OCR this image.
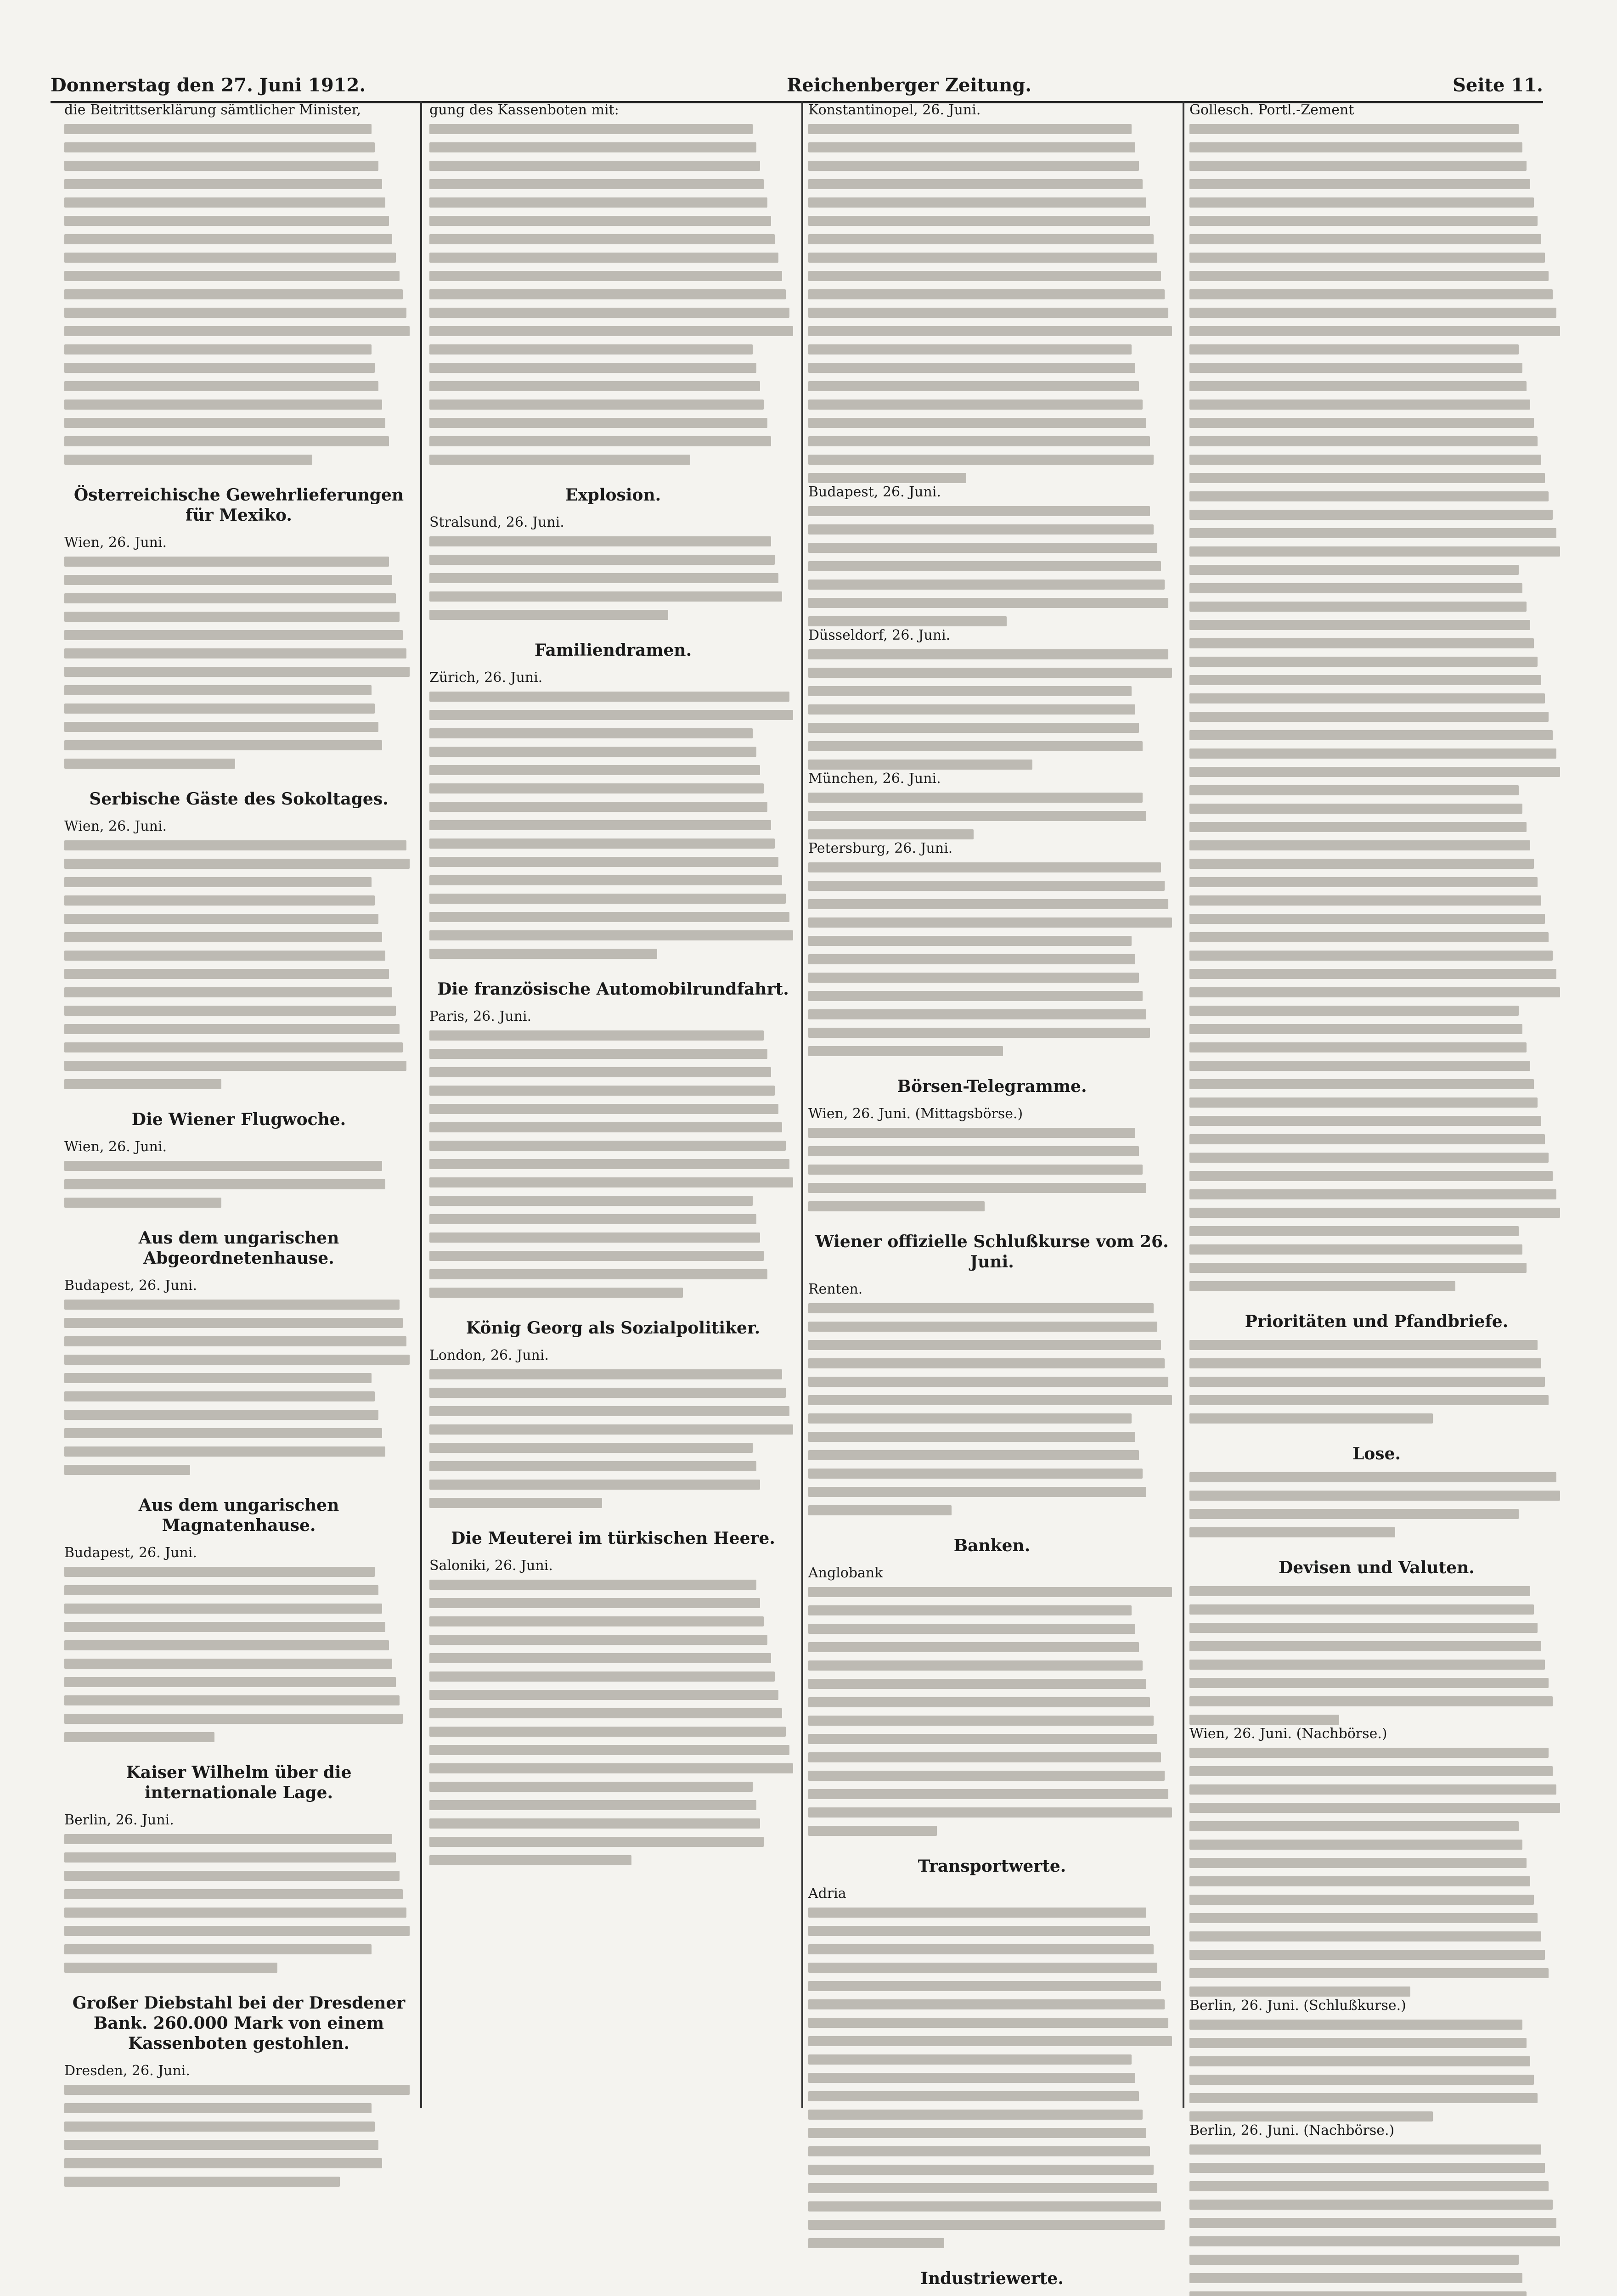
Donnerstag den 27. Juni 1912.	Reichenberger Zeitung.	Seite 11.
die Beitrittserklärung sämtlicher Minister,
Österreichische Gewehrlieferungen für Mexiko.
Wien, 26. Juni.
Serbische Gäste des Sokoltages.
Wien, 26. Juni.
Die Wiener Flugwoche.
Wien, 26. Juni.
Aus dem ungarischen Abgeordnetenhause.
Budapest, 26. Juni.
Aus dem ungarischen Magnatenhause.
Budapest, 26. Juni.
Kaiser Wilhelm über die internationale Lage.
Berlin, 26. Juni.
Großer Diebstahl bei der Dresdener Bank. 260.000 Mark von einem Kassenboten gestohlen.
Dresden, 26. Juni.
gung des Kassenboten mit:
Explosion.
Stralsund, 26. Juni.
Familiendramen.
Zürich, 26. Juni.
Die französische Automobilrundfahrt.
Paris, 26. Juni.
König Georg als Sozialpolitiker.
London, 26. Juni.
Die Meuterei im türkischen Heere.
Saloniki, 26. Juni.
Konstantinopel, 26. Juni.
Budapest, 26. Juni.
Düsseldorf, 26. Juni.
München, 26. Juni.
Petersburg, 26. Juni.
Börsen-Telegramme.
Wien, 26. Juni. (Mittagsbörse.)
Wiener offizielle Schlußkurse vom 26. Juni.
Renten.
Banken.
Anglobank
Transportwerte.
Adria
Industriewerte.
Gollesch. Portl.-Zement
Prioritäten und Pfandbriefe.
Lose.
Devisen und Valuten.
Wien, 26. Juni. (Nachbörse.)
Berlin, 26. Juni. (Schlußkurse.)
Berlin, 26. Juni. (Nachbörse.)
